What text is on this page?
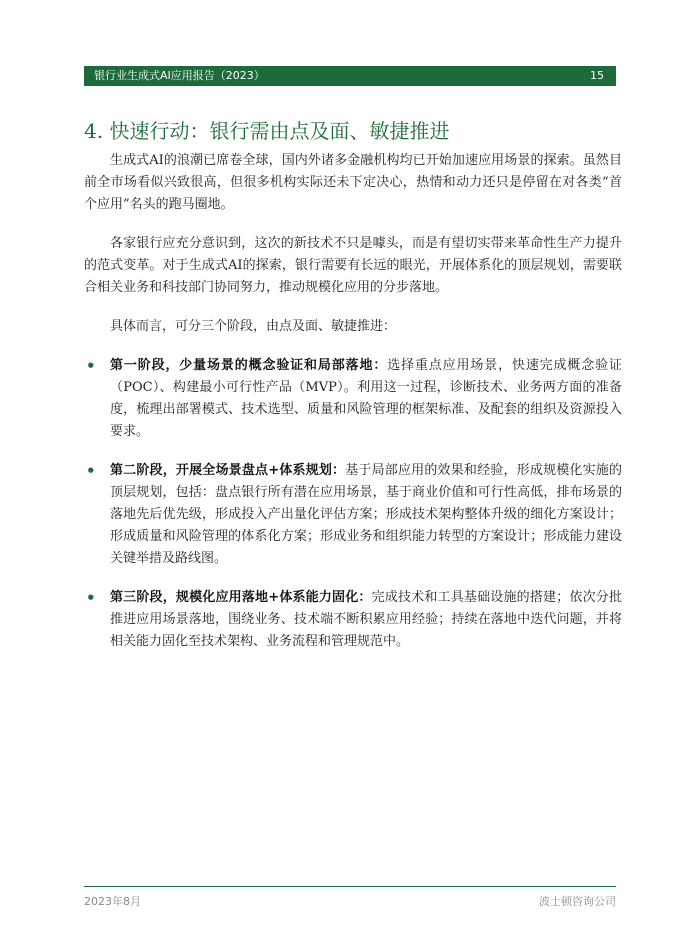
银行业生成式AI应用报告（2023）	15
4. 快速行动：银行需由点及面、敏捷推进

生成式AI的浪潮已席卷全球，国内外诸多金融机构均已开始加速应用场景的探索。虽然目前全市场看似兴致很高，但很多机构实际还未下定决心，热情和动力还只是停留在对各类“首个应用”名头的跑马圈地。

各家银行应充分意识到，这次的新技术不只是噱头，而是有望切实带来革命性生产力提升的范式变革。对于生成式AI的探索，银行需要有长远的眼光，开展体系化的顶层规划，需要联合相关业务和科技部门协同努力，推动规模化应用的分步落地。

具体而言，可分三个阶段，由点及面、敏捷推进：

• 第一阶段，少量场景的概念验证和局部落地：选择重点应用场景，快速完成概念验证（POC）、构建最小可行性产品（MVP）。利用这一过程，诊断技术、业务两方面的准备度，梳理出部署模式、技术选型、质量和风险管理的框架标准、及配套的组织及资源投入要求。
• 第二阶段，开展全场景盘点+体系规划：基于局部应用的效果和经验，形成规模化实施的顶层规划，包括：盘点银行所有潜在应用场景，基于商业价值和可行性高低，排布场景的落地先后优先级，形成投入产出量化评估方案；形成技术架构整体升级的细化方案设计；形成质量和风险管理的体系化方案；形成业务和组织能力转型的方案设计；形成能力建设关键举措及路线图。
• 第三阶段，规模化应用落地+体系能力固化：完成技术和工具基础设施的搭建；依次分批推进应用场景落地，围绕业务、技术端不断积累应用经验；持续在落地中迭代问题，并将相关能力固化至技术架构、业务流程和管理规范中。
2023年8月	波士顿咨询公司
